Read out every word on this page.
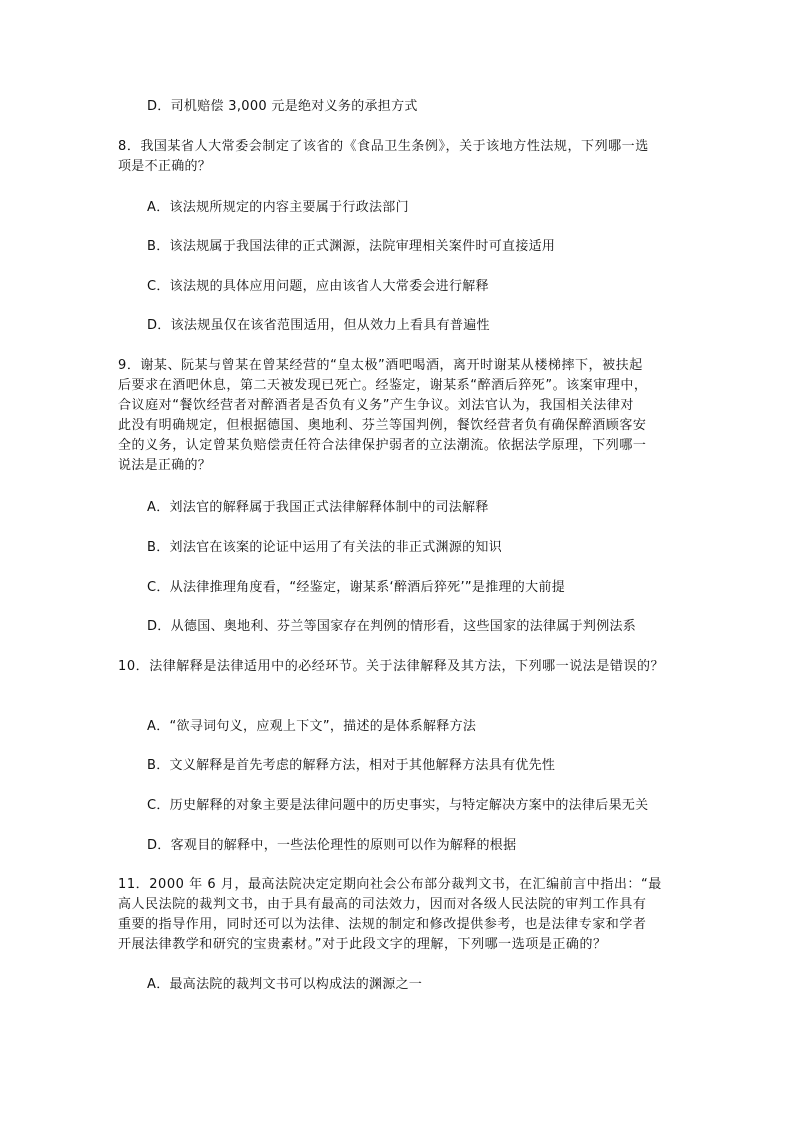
D．司机赔偿 3,000 元是绝对义务的承担方式
8．我国某省人大常委会制定了该省的《食品卫生条例》，关于该地方性法规，下列哪一选
项是不正确的？
A．该法规所规定的内容主要属于行政法部门
B．该法规属于我国法律的正式渊源，法院审理相关案件时可直接适用
C．该法规的具体应用问题，应由该省人大常委会进行解释
D．该法规虽仅在该省范围适用，但从效力上看具有普遍性
9．谢某、阮某与曾某在曾某经营的“皇太极”酒吧喝酒，离开时谢某从楼梯摔下，被扶起
后要求在酒吧休息，第二天被发现已死亡。经鉴定，谢某系“醉酒后猝死”。该案审理中，
合议庭对“餐饮经营者对醉酒者是否负有义务”产生争议。刘法官认为，我国相关法律对
此没有明确规定，但根据德国、奥地利、芬兰等国判例，餐饮经营者负有确保醉酒顾客安
全的义务，认定曾某负赔偿责任符合法律保护弱者的立法潮流。依据法学原理，下列哪一
说法是正确的？
A．刘法官的解释属于我国正式法律解释体制中的司法解释
B．刘法官在该案的论证中运用了有关法的非正式渊源的知识
C．从法律推理角度看，“经鉴定，谢某系‘醉酒后猝死’”是推理的大前提
D．从德国、奥地利、芬兰等国家存在判例的情形看，这些国家的法律属于判例法系
10．法律解释是法律适用中的必经环节。关于法律解释及其方法，下列哪一说法是错误的？
A．“欲寻词句义，应观上下文”，描述的是体系解释方法
B．文义解释是首先考虑的解释方法，相对于其他解释方法具有优先性
C．历史解释的对象主要是法律问题中的历史事实，与特定解决方案中的法律后果无关
D．客观目的解释中，一些法伦理性的原则可以作为解释的根据
11．2000 年 6 月，最高法院决定定期向社会公布部分裁判文书，在汇编前言中指出：“最
高人民法院的裁判文书，由于具有最高的司法效力，因而对各级人民法院的审判工作具有
重要的指导作用，同时还可以为法律、法规的制定和修改提供参考，也是法律专家和学者
开展法律教学和研究的宝贵素材。”对于此段文字的理解，下列哪一选项是正确的？
A．最高法院的裁判文书可以构成法的渊源之一
